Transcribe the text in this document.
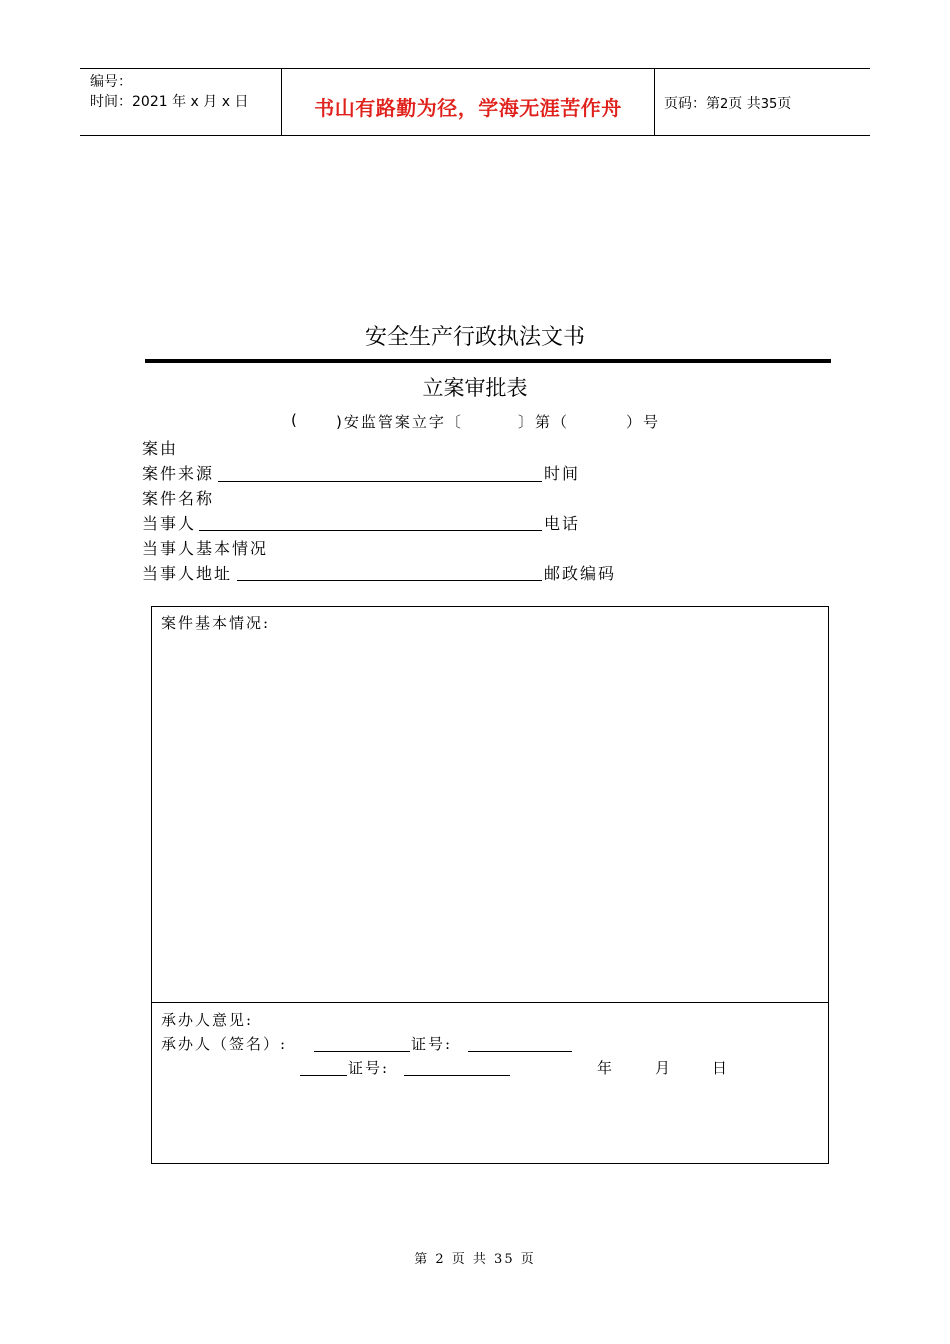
编号：
时间：2021 年 x 月 x 日	书山有路勤为径，学海无涯苦作舟	页码：第2页 共35页
安全生产行政执法文书
立案审批表
( )安监管案立字〔	〕第（	）号
案由
案件来源	时间
案件名称
当事人	电话
当事人基本情况
当事人地址	邮政编码
案件基本情况:
承办人意见:
承办人（签名）:	证号:
证号:	年	月	日
第 2 页 共 35 页
